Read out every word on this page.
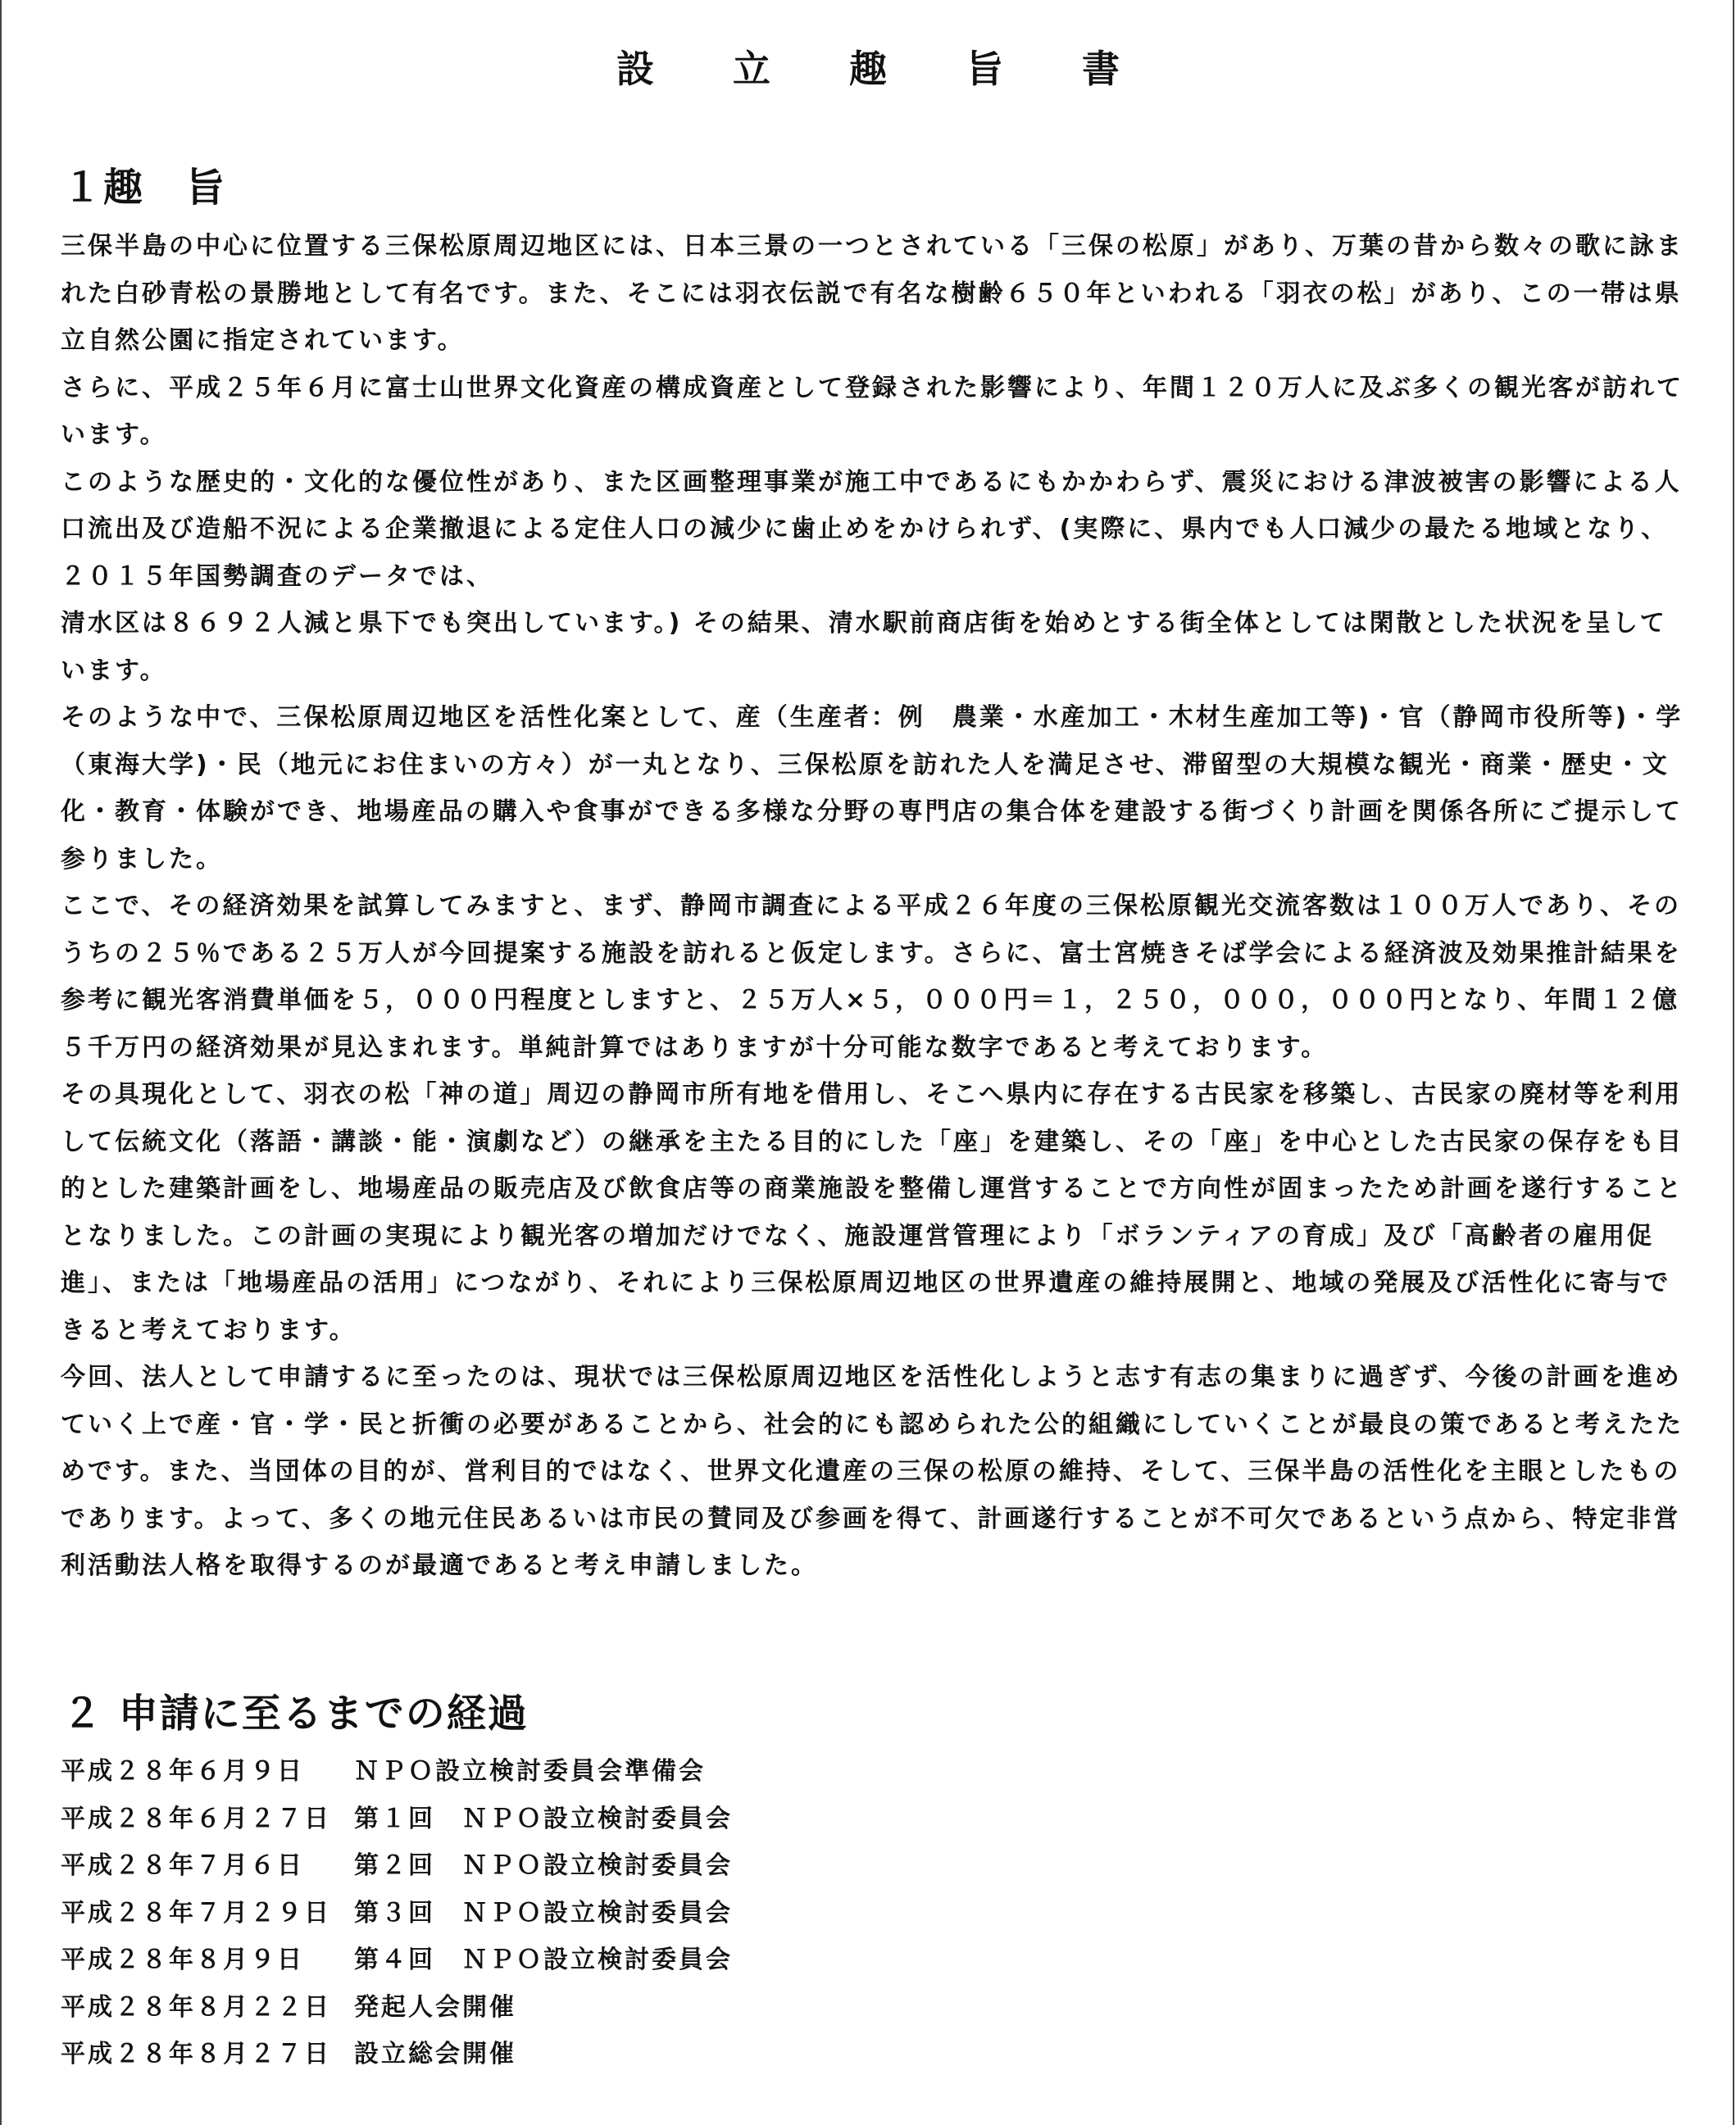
設 立 趣 旨 書
１趣　旨

三保半島の中心に位置する三保松原周辺地区には、日本三景の一つとされている「三保の松原」があり、万葉の昔から数々の歌に詠まれた白砂青松の景勝地として有名です。また、そこには羽衣伝説で有名な樹齢６５０年といわれる「羽衣の松」があり、この一帯は県立自然公園に指定されています。

さらに、平成２５年６月に富士山世界文化資産の構成資産として登録された影響により、年間１２０万人に及ぶ多くの観光客が訪れています。

このような歴史的・文化的な優位性があり、また区画整理事業が施工中であるにもかかわらず、震災における津波被害の影響による人口流出及び造船不況による企業撤退による定住人口の減少に歯止めをかけられず、(実際に、県内でも人口減少の最たる地域となり、２０１５年国勢調査のデータでは、

清水区は８６９２人減と県下でも突出しています。) その結果、清水駅前商店街を始めとする街全体としては閑散とした状況を呈しています。

そのような中で、三保松原周辺地区を活性化案として、産（生産者：例　農業・水産加工・木材生産加工等)・官（静岡市役所等)・学（東海大学)・民（地元にお住まいの方々）が一丸となり、三保松原を訪れた人を満足させ、滞留型の大規模な観光・商業・歴史・文化・教育・体験ができ、地場産品の購入や食事ができる多様な分野の専門店の集合体を建設する街づくり計画を関係各所にご提示して参りました。

ここで、その経済効果を試算してみますと、まず、静岡市調査による平成２６年度の三保松原観光交流客数は１００万人であり、そのうちの２５％である２５万人が今回提案する施設を訪れると仮定します。さらに、富士宮焼きそば学会による経済波及効果推計結果を参考に観光客消費単価を５，０００円程度としますと、２５万人×５，０００円＝１，２５０，０００，０００円となり、年間１２億５千万円の経済効果が見込まれます。単純計算ではありますが十分可能な数字であると考えております。

その具現化として、羽衣の松「神の道」周辺の静岡市所有地を借用し、そこへ県内に存在する古民家を移築し、古民家の廃材等を利用して伝統文化（落語・講談・能・演劇など）の継承を主たる目的にした「座」を建築し、その「座」を中心とした古民家の保存をも目的とした建築計画をし、地場産品の販売店及び飲食店等の商業施設を整備し運営することで方向性が固まったため計画を遂行することとなりました。この計画の実現により観光客の増加だけでなく、施設運営管理により「ボランティアの育成」及び「高齢者の雇用促進」、または「地場産品の活用」につながり、それにより三保松原周辺地区の世界遺産の維持展開と、地域の発展及び活性化に寄与できると考えております。

今回、法人として申請するに至ったのは、現状では三保松原周辺地区を活性化しようと志す有志の集まりに過ぎず、今後の計画を進めていく上で産・官・学・民と折衝の必要があることから、社会的にも認められた公的組織にしていくことが最良の策であると考えたためです。また、当団体の目的が、営利目的ではなく、世界文化遺産の三保の松原の維持、そして、三保半島の活性化を主眼としたものであります。よって、多くの地元住民あるいは市民の賛同及び参画を得て、計画遂行することが不可欠であるという点から、特定非営利活動法人格を取得するのが最適であると考え申請しました。

２ 申請に至るまでの経過
平成２８年６月９日	ＮＰＯ設立検討委員会準備会
平成２８年６月２７日 第１回　ＮＰＯ設立検討委員会
平成２８年７月６日	第２回　ＮＰＯ設立検討委員会
平成２８年７月２９日 第３回　ＮＰＯ設立検討委員会
平成２８年８月９日	第４回　ＮＰＯ設立検討委員会
平成２８年８月２２日 発起人会開催
平成２８年８月２７日 設立総会開催
